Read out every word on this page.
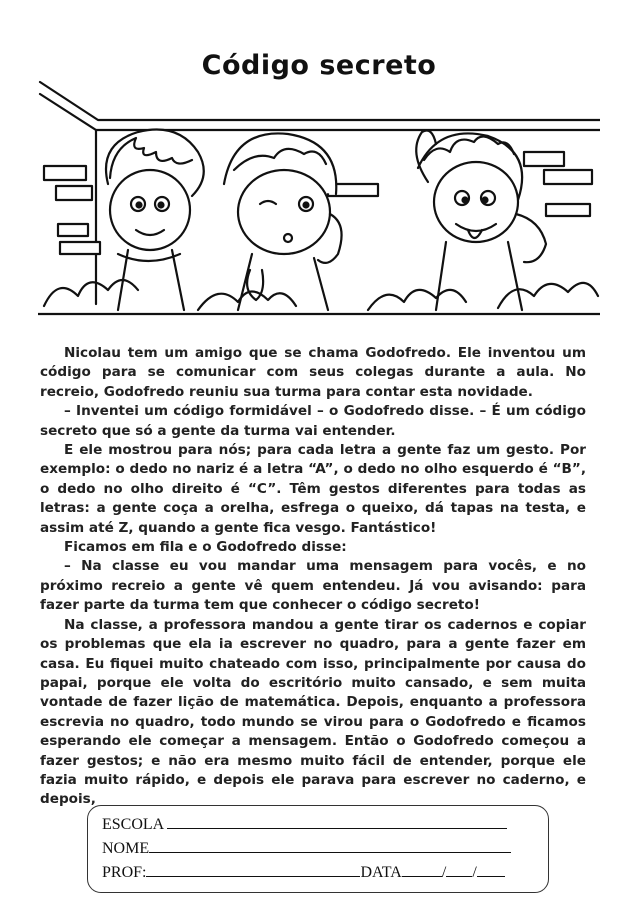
Código secreto

Nicolau tem um amigo que se chama Godofredo. Ele inventou um código para se comunicar com seus colegas durante a aula. No recreio, Godofredo reuniu sua turma para contar esta novidade.

– Inventei um código formidável – o Godofredo disse. – É um código secreto que só a gente da turma vai entender.

E ele mostrou para nós; para cada letra a gente faz um gesto. Por exemplo: o dedo no nariz é a letra “A”, o dedo no olho esquerdo é “B”, o dedo no olho direito é “C”. Têm gestos diferentes para todas as letras: a gente coça a orelha, esfrega o queixo, dá tapas na testa, e assim até Z, quando a gente fica vesgo. Fantástico!

Ficamos em fila e o Godofredo disse:

– Na classe eu vou mandar uma mensagem para vocês, e no próximo recreio a gente vê quem entendeu. Já vou avisando: para fazer parte da turma tem que conhecer o código secreto!

Na classe, a professora mandou a gente tirar os cadernos e copiar os problemas que ela ia escrever no quadro, para a gente fazer em casa. Eu fiquei muito chateado com isso, principalmente por causa do papai, porque ele volta do escritório muito cansado, e sem muita vontade de fazer lição de matemática. Depois, enquanto a professora escrevia no quadro, todo mundo se virou para o Godofredo e ficamos esperando ele começar a mensagem. Então o Godofredo começou a fazer gestos; e não era mesmo muito fácil de entender, porque ele fazia muito rápido, e depois ele parava para escrever no caderno, e depois,

ESCOLA
NOME
PROF:	DATA	/ /
